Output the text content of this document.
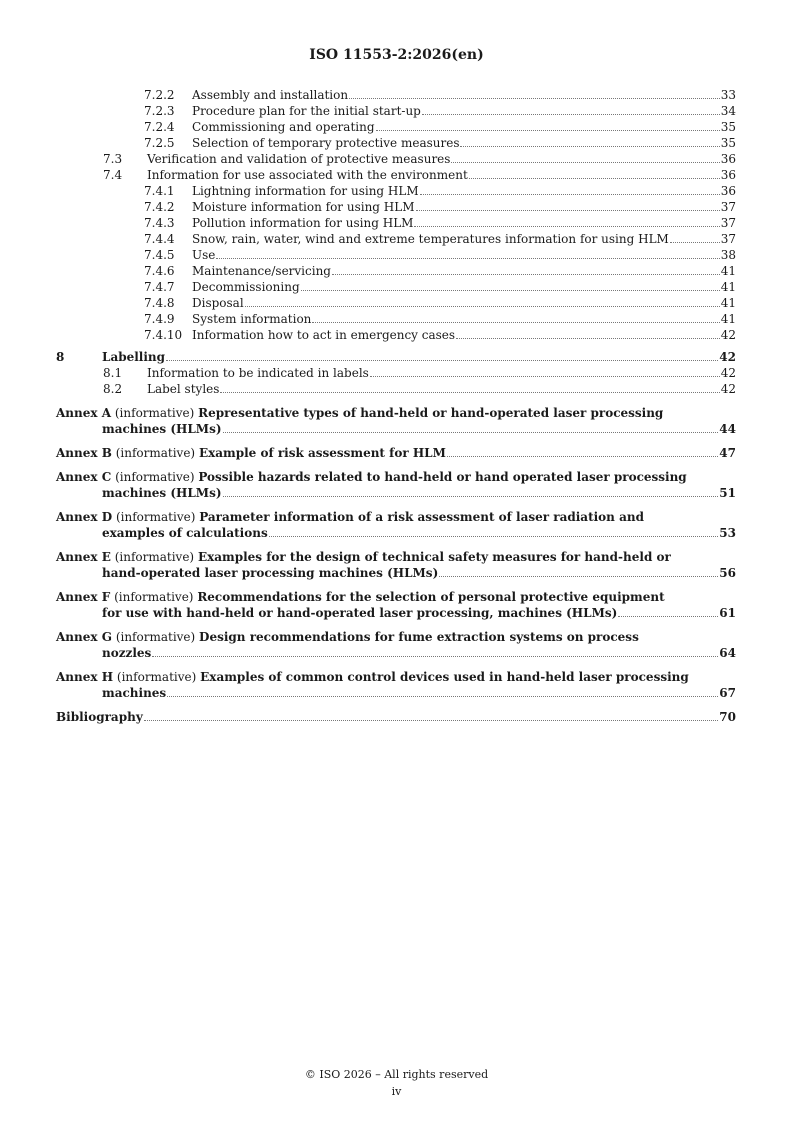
ISO 11553-2:2026(en)
7.2.2	Assembly and installation	33
7.2.3	Procedure plan for the initial start-up	34
7.2.4	Commissioning and operating	35
7.2.5	Selection of temporary protective measures	35
7.3	Verification and validation of protective measures	36
7.4	Information for use associated with the environment	36
7.4.1	Lightning information for using HLM	36
7.4.2	Moisture information for using HLM	37
7.4.3	Pollution information for using HLM	37
7.4.4	Snow, rain, water, wind and extreme temperatures information for using HLM	37
7.4.5	Use	38
7.4.6	Maintenance/servicing	41
7.4.7	Decommissioning	41
7.4.8	Disposal	41
7.4.9	System information	41
7.4.10 Information how to act in emergency cases	42
8	Labelling	42
8.1	Information to be indicated in labels	42
8.2	Label styles	42
Annex A (informative) Representative types of hand-held or hand-operated laser processing
machines (HLMs)	44
Annex B (informative) Example of risk assessment for HLM	47
Annex C (informative) Possible hazards related to hand-held or hand operated laser processing
machines (HLMs)	51
Annex D (informative) Parameter information of a risk assessment of laser radiation and
examples of calculations	53
Annex E (informative) Examples for the design of technical safety measures for hand-held or
hand-operated laser processing machines (HLMs)	56
Annex F (informative) Recommendations for the selection of personal protective equipment
for use with hand-held or hand-operated laser processing, machines (HLMs)	61
Annex G (informative) Design recommendations for fume extraction systems on process
nozzles	64
Annex H (informative) Examples of common control devices used in hand-held laser processing
machines	67
Bibliography	70
© ISO 2026 – All rights reserved
iv
